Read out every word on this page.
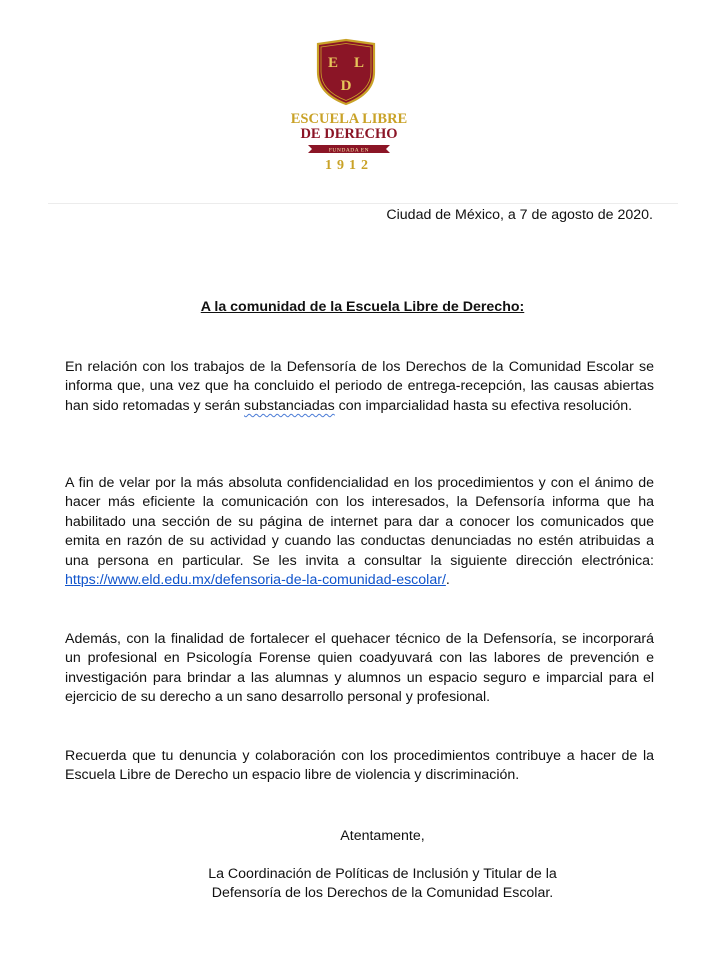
E L
D
ESCUELA LIBRE
DE DERECHO
FUNDADA EN
1912
Ciudad de México, a 7 de agosto de 2020.
A la comunidad de la Escuela Libre de Derecho:
En relación con los trabajos de la Defensoría de los Derechos de la Comunidad Escolar se informa que, una vez que ha concluido el periodo de entrega-recepción, las causas abiertas han sido retomadas y serán substanciadas con imparcialidad hasta su efectiva resolución.
A fin de velar por la más absoluta confidencialidad en los procedimientos y con el ánimo de hacer más eficiente la comunicación con los interesados, la Defensoría informa que ha habilitado una sección de su página de internet para dar a conocer los comunicados que emita en razón de su actividad y cuando las conductas denunciadas no estén atribuidas a una persona en particular. Se les invita a consultar la siguiente dirección electrónica: https://www.eld.edu.mx/defensoria-de-la-comunidad-escolar/.
Además, con la finalidad de fortalecer el quehacer técnico de la Defensoría, se incorporará un profesional en Psicología Forense quien coadyuvará con las labores de prevención e investigación para brindar a las alumnas y alumnos un espacio seguro e imparcial para el ejercicio de su derecho a un sano desarrollo personal y profesional.
Recuerda que tu denuncia y colaboración con los procedimientos contribuye a hacer de la Escuela Libre de Derecho un espacio libre de violencia y discriminación.
Atentamente,
La Coordinación de Políticas de Inclusión y Titular de la
Defensoría de los Derechos de la Comunidad Escolar.
